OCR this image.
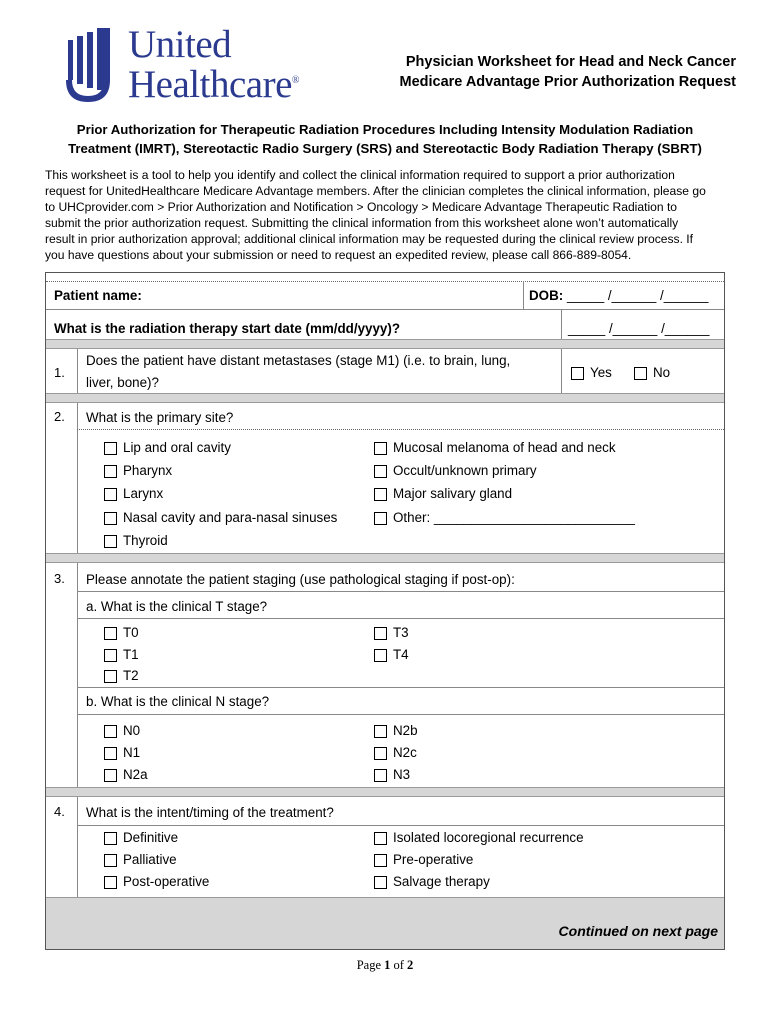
United
Healthcare®
Physician Worksheet for Head and Neck Cancer
Medicare Advantage Prior Authorization Request
Prior Authorization for Therapeutic Radiation Procedures Including Intensity Modulation Radiation
Treatment (IMRT), Stereotactic Radio Surgery (SRS) and Stereotactic Body Radiation Therapy (SBRT)
This worksheet is a tool to help you identify and collect the clinical information required to support a prior authorization
request for UnitedHealthcare Medicare Advantage members. After the clinician completes the clinical information, please go
to UHCprovider.com > Prior Authorization and Notification > Oncology > Medicare Advantage Therapeutic Radiation to
submit the prior authorization request. Submitting the clinical information from this worksheet alone won’t automatically
result in prior authorization approval; additional clinical information may be requested during the clinical review process. If
you have questions about your submission or need to request an expedited review, please call 866-889-8054.
Patient name:	DOB: _____ /______ /______
What is the radiation therapy start date (mm/dd/yyyy)?	_____ /______ /______
1.
Does the patient have distant metastases (stage M1) (i.e. to brain, lung,
liver, bone)?
Yes	No
2. What is the primary site?
Lip and oral cavity
Pharynx
Larynx
Nasal cavity and para-nasal sinuses
Thyroid
Mucosal melanoma of head and neck
Occult/unknown primary
Major salivary gland
Other: ___________________________
3. Please annotate the patient staging (use pathological staging if post-op):
a. What is the clinical T stage?
T0
T1
T2
T3
T4
b. What is the clinical N stage?
N0
N1
N2a
N2b
N2c
N3
4. What is the intent/timing of the treatment?
Definitive
Palliative
Post-operative
Isolated locoregional recurrence
Pre-operative
Salvage therapy
Continued on next page
Page 1 of 2
